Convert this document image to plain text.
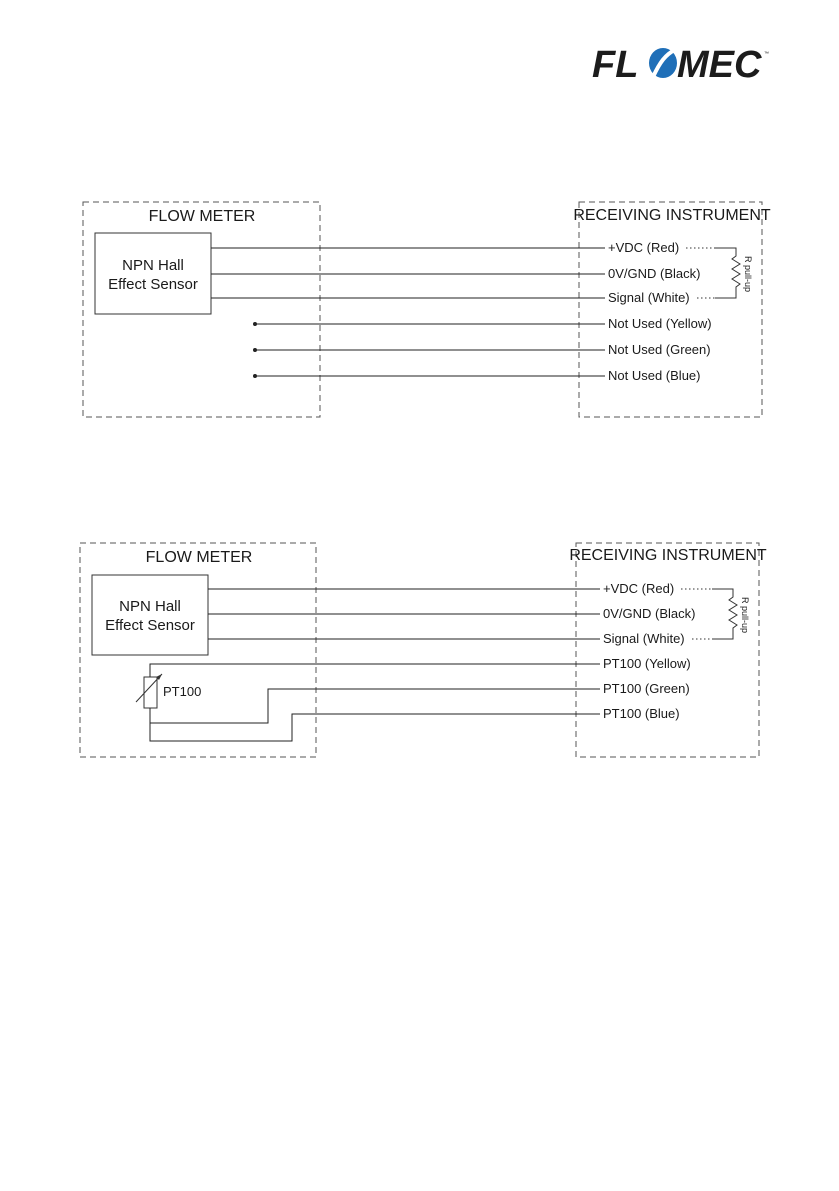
FL MEC ™
FLOW METER
NPN Hall
Effect Sensor
RECEIVING INSTRUMENT
+VDC (Red)
0V/GND (Black)
Signal (White)
Not Used (Yellow)
Not Used (Green)
Not Used (Blue)
R pull-up
FLOW METER
NPN Hall
Effect Sensor
RECEIVING INSTRUMENT
PT100
+VDC (Red)
0V/GND (Black)
Signal (White)
PT100 (Yellow)
PT100 (Green)
PT100 (Blue)
R pull-up
